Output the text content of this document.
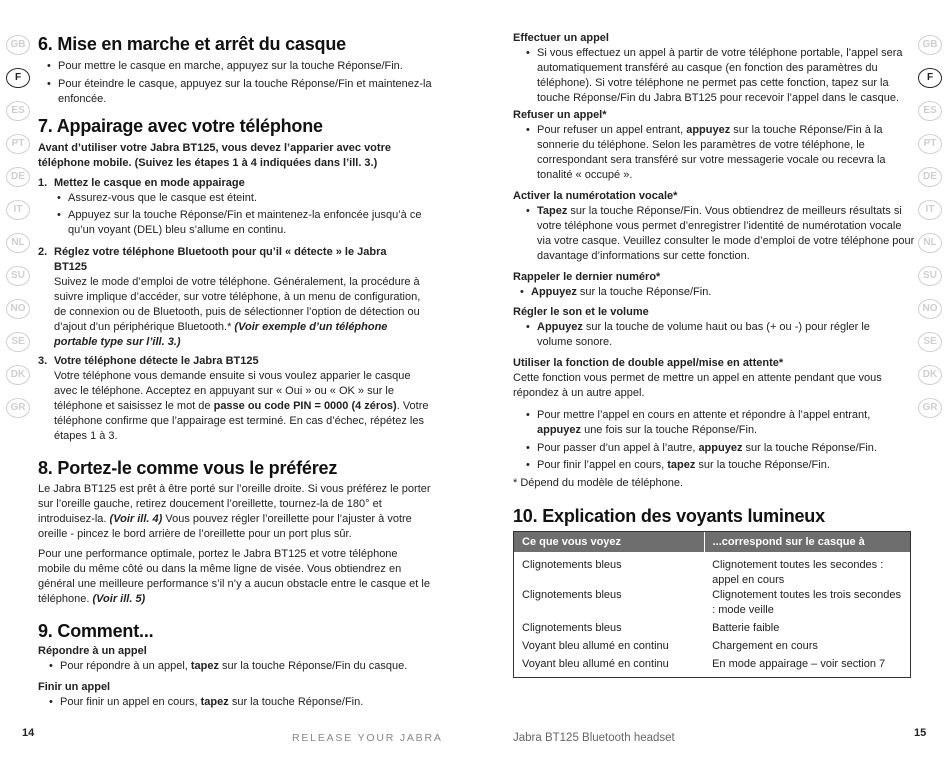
GB
F
ES
PT
DE
IT
NL
SU
NO
SE
DK
GR
GB
F
ES
PT
DE
IT
NL
SU
NO
SE
DK
GR
6. Mise en marche et arrêt du casque
• Pour mettre le casque en marche, appuyez sur la touche Réponse/Fin.
• Pour éteindre le casque, appuyez sur la touche Réponse/Fin et maintenez-la enfoncée.
7. Appairage avec votre téléphone
Avant d’utiliser votre Jabra BT125, vous devez l’apparier avec votre téléphone mobile. (Suivez les étapes 1 à 4 indiquées dans l’ill. 3.)
1. Mettez le casque en mode appairage
• Assurez-vous que le casque est éteint.
• Appuyez sur la touche Réponse/Fin et maintenez-la enfoncée jusqu’à ce qu’un voyant (DEL) bleu s’allume en continu.
2. Réglez votre téléphone Bluetooth pour qu’il « détecte » le Jabra BT125
Suivez le mode d’emploi de votre téléphone. Généralement, la procédure à suivre implique d’accéder, sur votre téléphone, à un menu de configuration, de connexion ou de Bluetooth, puis de sélectionner l’option de détection ou d’ajout d’un périphérique Bluetooth.* (Voir exemple d’un téléphone portable type sur l’ill. 3.)
3. Votre téléphone détecte le Jabra BT125
Votre téléphone vous demande ensuite si vous voulez apparier le casque avec le téléphone. Acceptez en appuyant sur « Oui » ou « OK » sur le téléphone et saisissez le mot de passe ou code PIN = 0000 (4 zéros). Votre téléphone confirme que l’appairage est terminé. En cas d’échec, répétez les étapes 1 à 3.
8. Portez-le comme vous le préférez
Le Jabra BT125 est prêt à être porté sur l’oreille droite. Si vous préférez le porter sur l’oreille gauche, retirez doucement l’oreillette, tournez-la de 180° et introduisez-la. (Voir ill. 4) Vous pouvez régler l’oreillette pour l’ajuster à votre oreille - pincez le bord arrière de l’oreillette pour un port plus sûr.
Pour une performance optimale, portez le Jabra BT125 et votre téléphone mobile du même côté ou dans la même ligne de visée. Vous obtiendrez en général une meilleure performance s’il n’y a aucun obstacle entre le casque et le téléphone. (Voir ill. 5)
9. Comment...
Répondre à un appel
• Pour répondre à un appel, tapez sur la touche Réponse/Fin du casque.
Finir un appel
• Pour finir un appel en cours, tapez sur la touche Réponse/Fin.
14	RELEASE YOUR JABRA
Effectuer un appel
• Si vous effectuez un appel à partir de votre téléphone portable, l’appel sera automatiquement transféré au casque (en fonction des paramètres du téléphone). Si votre téléphone ne permet pas cette fonction, tapez sur la touche Réponse/Fin du Jabra BT125 pour recevoir l’appel dans le casque.
Refuser un appel*
• Pour refuser un appel entrant, appuyez sur la touche Réponse/Fin à la sonnerie du téléphone. Selon les paramètres de votre téléphone, le correspondant sera transféré sur votre messagerie vocale ou recevra la tonalité « occupé ».
Activer la numérotation vocale*
• Tapez sur la touche Réponse/Fin. Vous obtiendrez de meilleurs résultats si votre téléphone vous permet d’enregistrer l’identité de numérotation vocale via votre casque. Veuillez consulter le mode d’emploi de votre téléphone pour davantage d’informations sur cette fonction.
Rappeler le dernier numéro*
• Appuyez sur la touche Réponse/Fin.
Régler le son et le volume
• Appuyez sur la touche de volume haut ou bas (+ ou -) pour régler le volume sonore.
Utiliser la fonction de double appel/mise en attente*
Cette fonction vous permet de mettre un appel en attente pendant que vous répondez à un autre appel.
• Pour mettre l’appel en cours en attente et répondre à l’appel entrant, appuyez une fois sur la touche Réponse/Fin.
• Pour passer d’un appel à l’autre, appuyez sur la touche Réponse/Fin.
• Pour finir l’appel en cours, tapez sur la touche Réponse/Fin.
* Dépend du modèle de téléphone.
10. Explication des voyants lumineux
Ce que vous voyez	...correspond sur le casque à
Clignotements bleus	Clignotement toutes les secondes : appel en cours
Clignotements bleus	Clignotement toutes les trois secondes : mode veille
Clignotements bleus	Batterie faible
Voyant bleu allumé en continu	Chargement en cours
Voyant bleu allumé en continu	En mode appairage – voir section 7
Jabra BT125 Bluetooth headset	15
